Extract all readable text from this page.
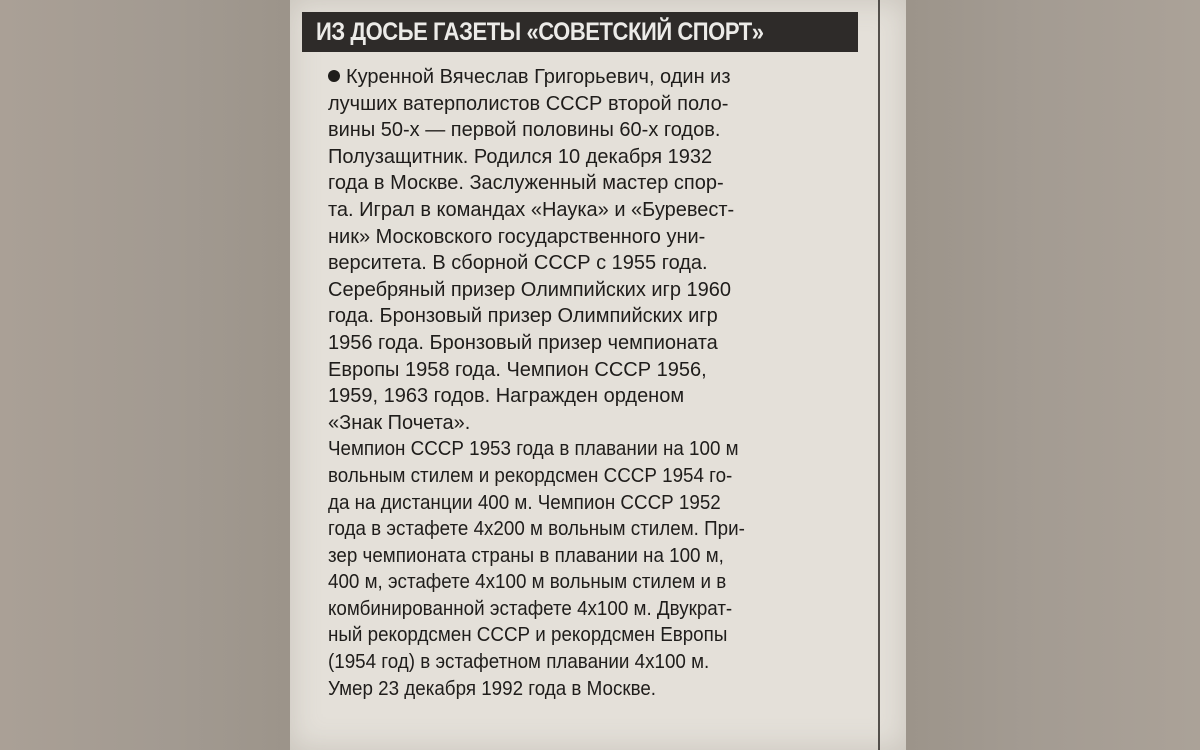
ИЗ ДОСЬЕ ГАЗЕТЫ «СОВЕТСКИЙ СПОРТ»
Куренной Вячеслав Григорьевич, один из
лучших ватерполистов СССР второй поло-
вины 50-х — первой половины 60-х годов.
Полузащитник. Родился 10 декабря 1932
года в Москве. Заслуженный мастер спор-
та. Играл в командах «Наука» и «Буревест-
ник» Московского государственного уни-
верситета. В сборной СССР с 1955 года.
Серебряный призер Олимпийских игр 1960
года. Бронзовый призер Олимпийских игр
1956 года. Бронзовый призер чемпионата
Европы 1958 года. Чемпион СССР 1956,
1959, 1963 годов. Награжден орденом
«Знак Почета».
Чемпион СССР 1953 года в плавании на 100 м
вольным стилем и рекордсмен СССР 1954 го-
да на дистанции 400 м. Чемпион СССР 1952
года в эстафете 4х200 м вольным стилем. При-
зер чемпионата страны в плавании на 100 м,
400 м, эстафете 4х100 м вольным стилем и в
комбинированной эстафете 4х100 м. Двукрат-
ный рекордсмен СССР и рекордсмен Европы
(1954 год) в эстафетном плавании 4х100 м.
Умер 23 декабря 1992 года в Москве.
